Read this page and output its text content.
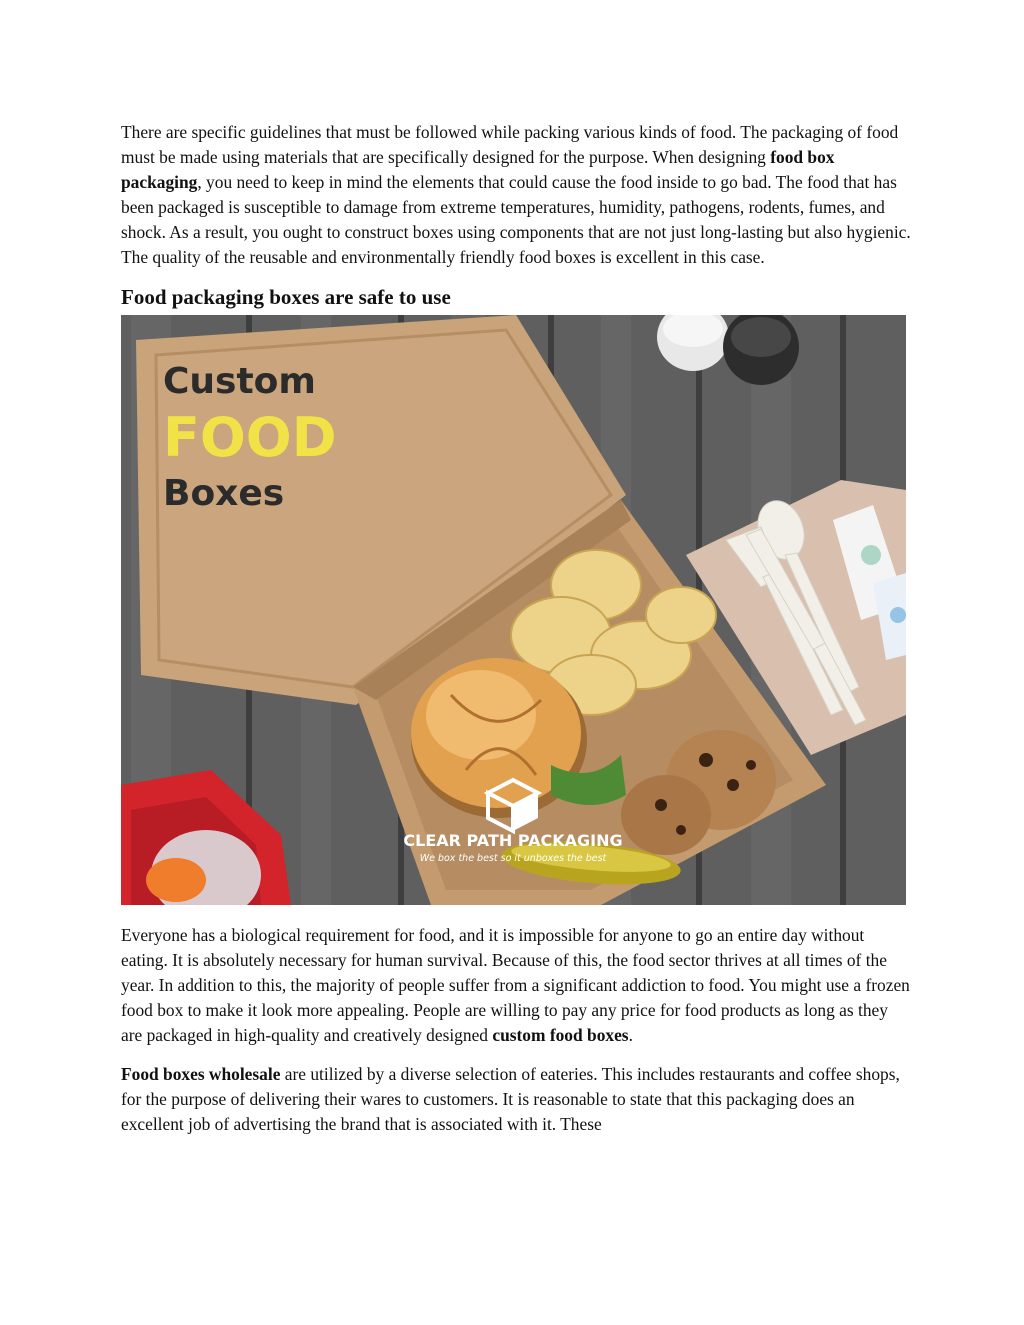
There are specific guidelines that must be followed while packing various kinds of food. The packaging of food must be made using materials that are specifically designed for the purpose. When designing food box packaging, you need to keep in mind the elements that could cause the food inside to go bad. The food that has been packaged is susceptible to damage from extreme temperatures, humidity, pathogens, rodents, fumes, and shock. As a result, you ought to construct boxes using components that are not just long-lasting but also hygienic. The quality of the reusable and environmentally friendly food boxes is excellent in this case.

Food packaging boxes are safe to use
Custom
FOOD
Boxes
CLEAR PATH PACKAGING
We box the best so it unboxes the best

Everyone has a biological requirement for food, and it is impossible for anyone to go an entire day without eating. It is absolutely necessary for human survival. Because of this, the food sector thrives at all times of the year. In addition to this, the majority of people suffer from a significant addiction to food. You might use a frozen food box to make it look more appealing. People are willing to pay any price for food products as long as they are packaged in high-quality and creatively designed custom food boxes.

Food boxes wholesale are utilized by a diverse selection of eateries. This includes restaurants and coffee shops, for the purpose of delivering their wares to customers. It is reasonable to state that this packaging does an excellent job of advertising the brand that is associated with it. These
